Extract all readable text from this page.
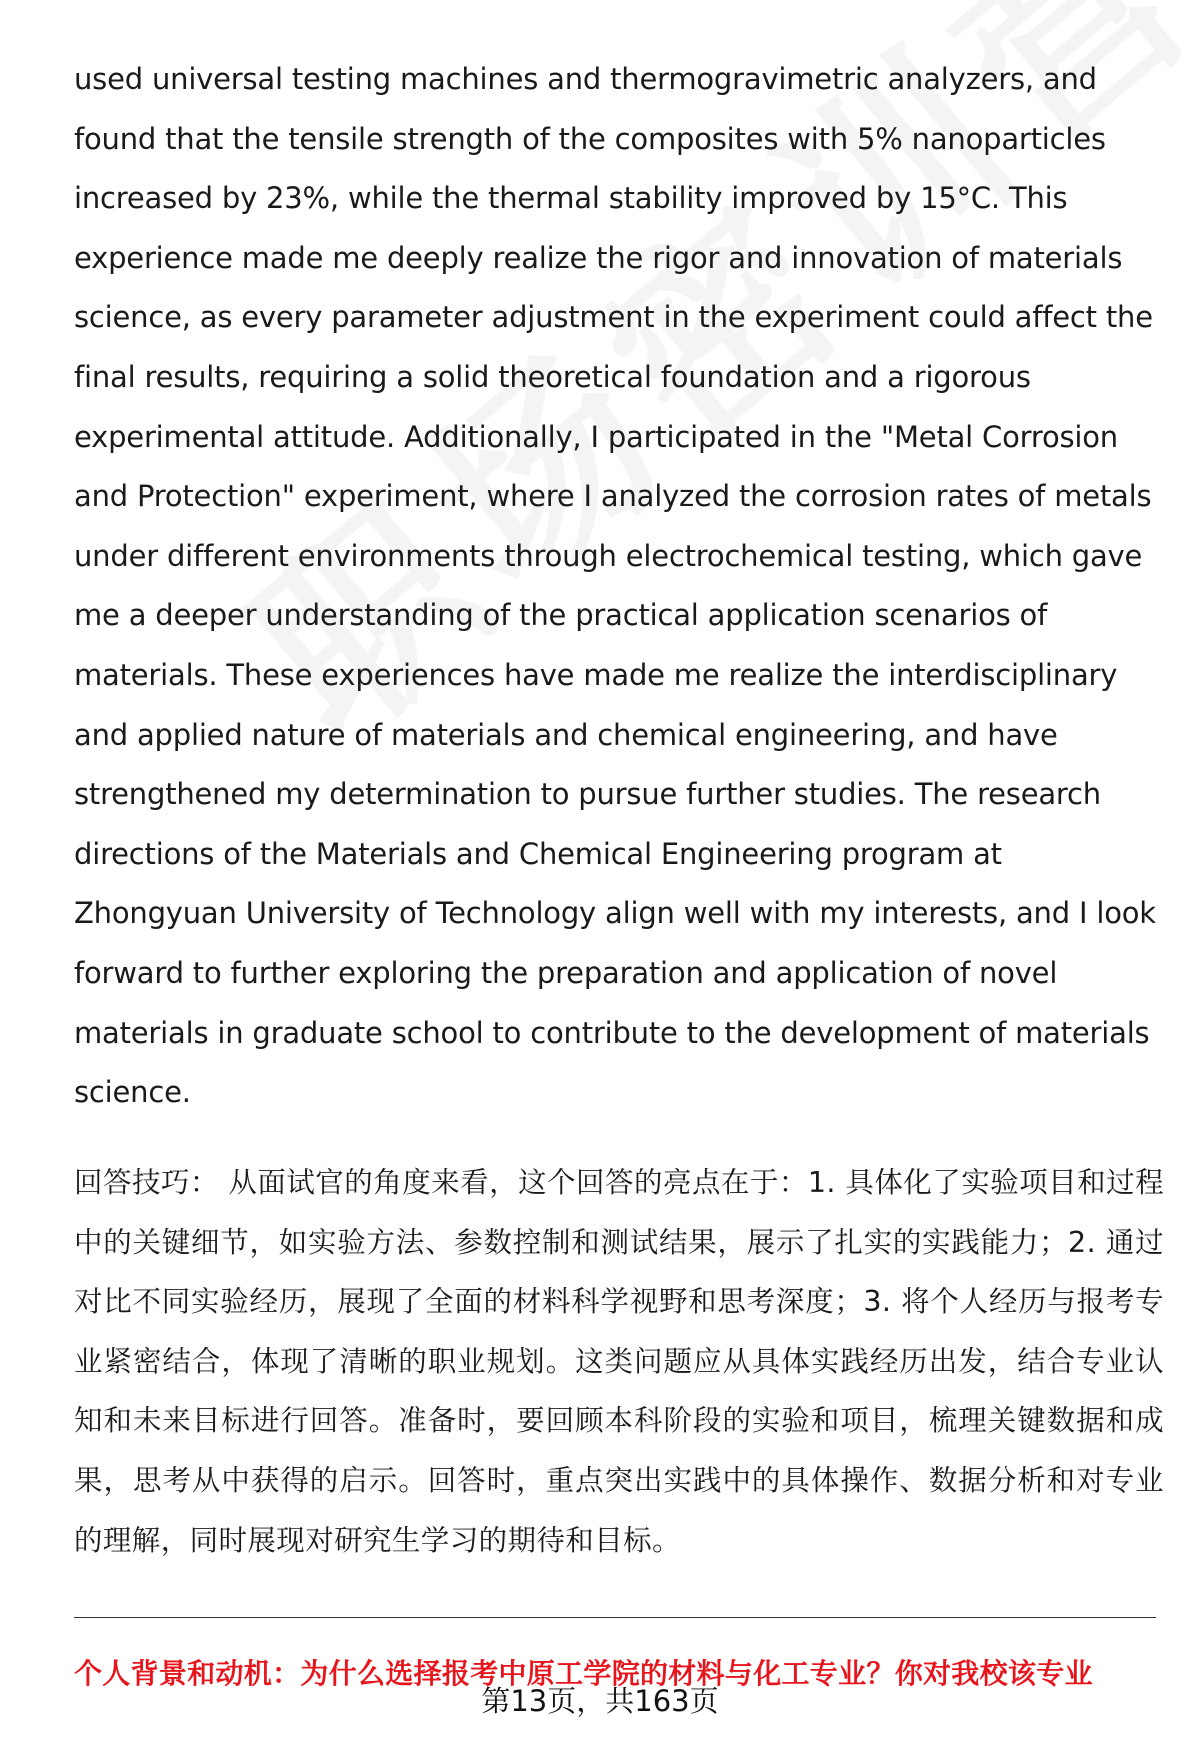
used universal testing machines and thermogravimetric analyzers, and found that the tensile strength of the composites with 5% nanoparticles increased by 23%, while the thermal stability improved by 15°C. This experience made me deeply realize the rigor and innovation of materials science, as every parameter adjustment in the experiment could affect the final results, requiring a solid theoretical foundation and a rigorous experimental attitude. Additionally, I participated in the "Metal Corrosion and Protection" experiment, where I analyzed the corrosion rates of metals under different environments through electrochemical testing, which gave me a deeper understanding of the practical application scenarios of materials. These experiences have made me realize the interdisciplinary and applied nature of materials and chemical engineering, and have strengthened my determination to pursue further studies. The research directions of the Materials and Chemical Engineering program at Zhongyuan University of Technology align well with my interests, and I look forward to further exploring the preparation and application of novel materials in graduate school to contribute to the development of materials science.

回答技巧： 从面试官的角度来看，这个回答的亮点在于：1. 具体化了实验项目和过程中的关键细节，如实验方法、参数控制和测试结果，展示了扎实的实践能力；2. 通过对比不同实验经历，展现了全面的材料科学视野和思考深度；3. 将个人经历与报考专业紧密结合，体现了清晰的职业规划。这类问题应从具体实践经历出发，结合专业认知和未来目标进行回答。准备时，要回顾本科阶段的实验和项目，梳理关键数据和成果，思考从中获得的启示。回答时，重点突出实践中的具体操作、数据分析和对专业的理解，同时展现对研究生学习的期待和目标。

个人背景和动机：为什么选择报考中原工学院的材料与化工专业？你对我校该专业

第13页，共163页
